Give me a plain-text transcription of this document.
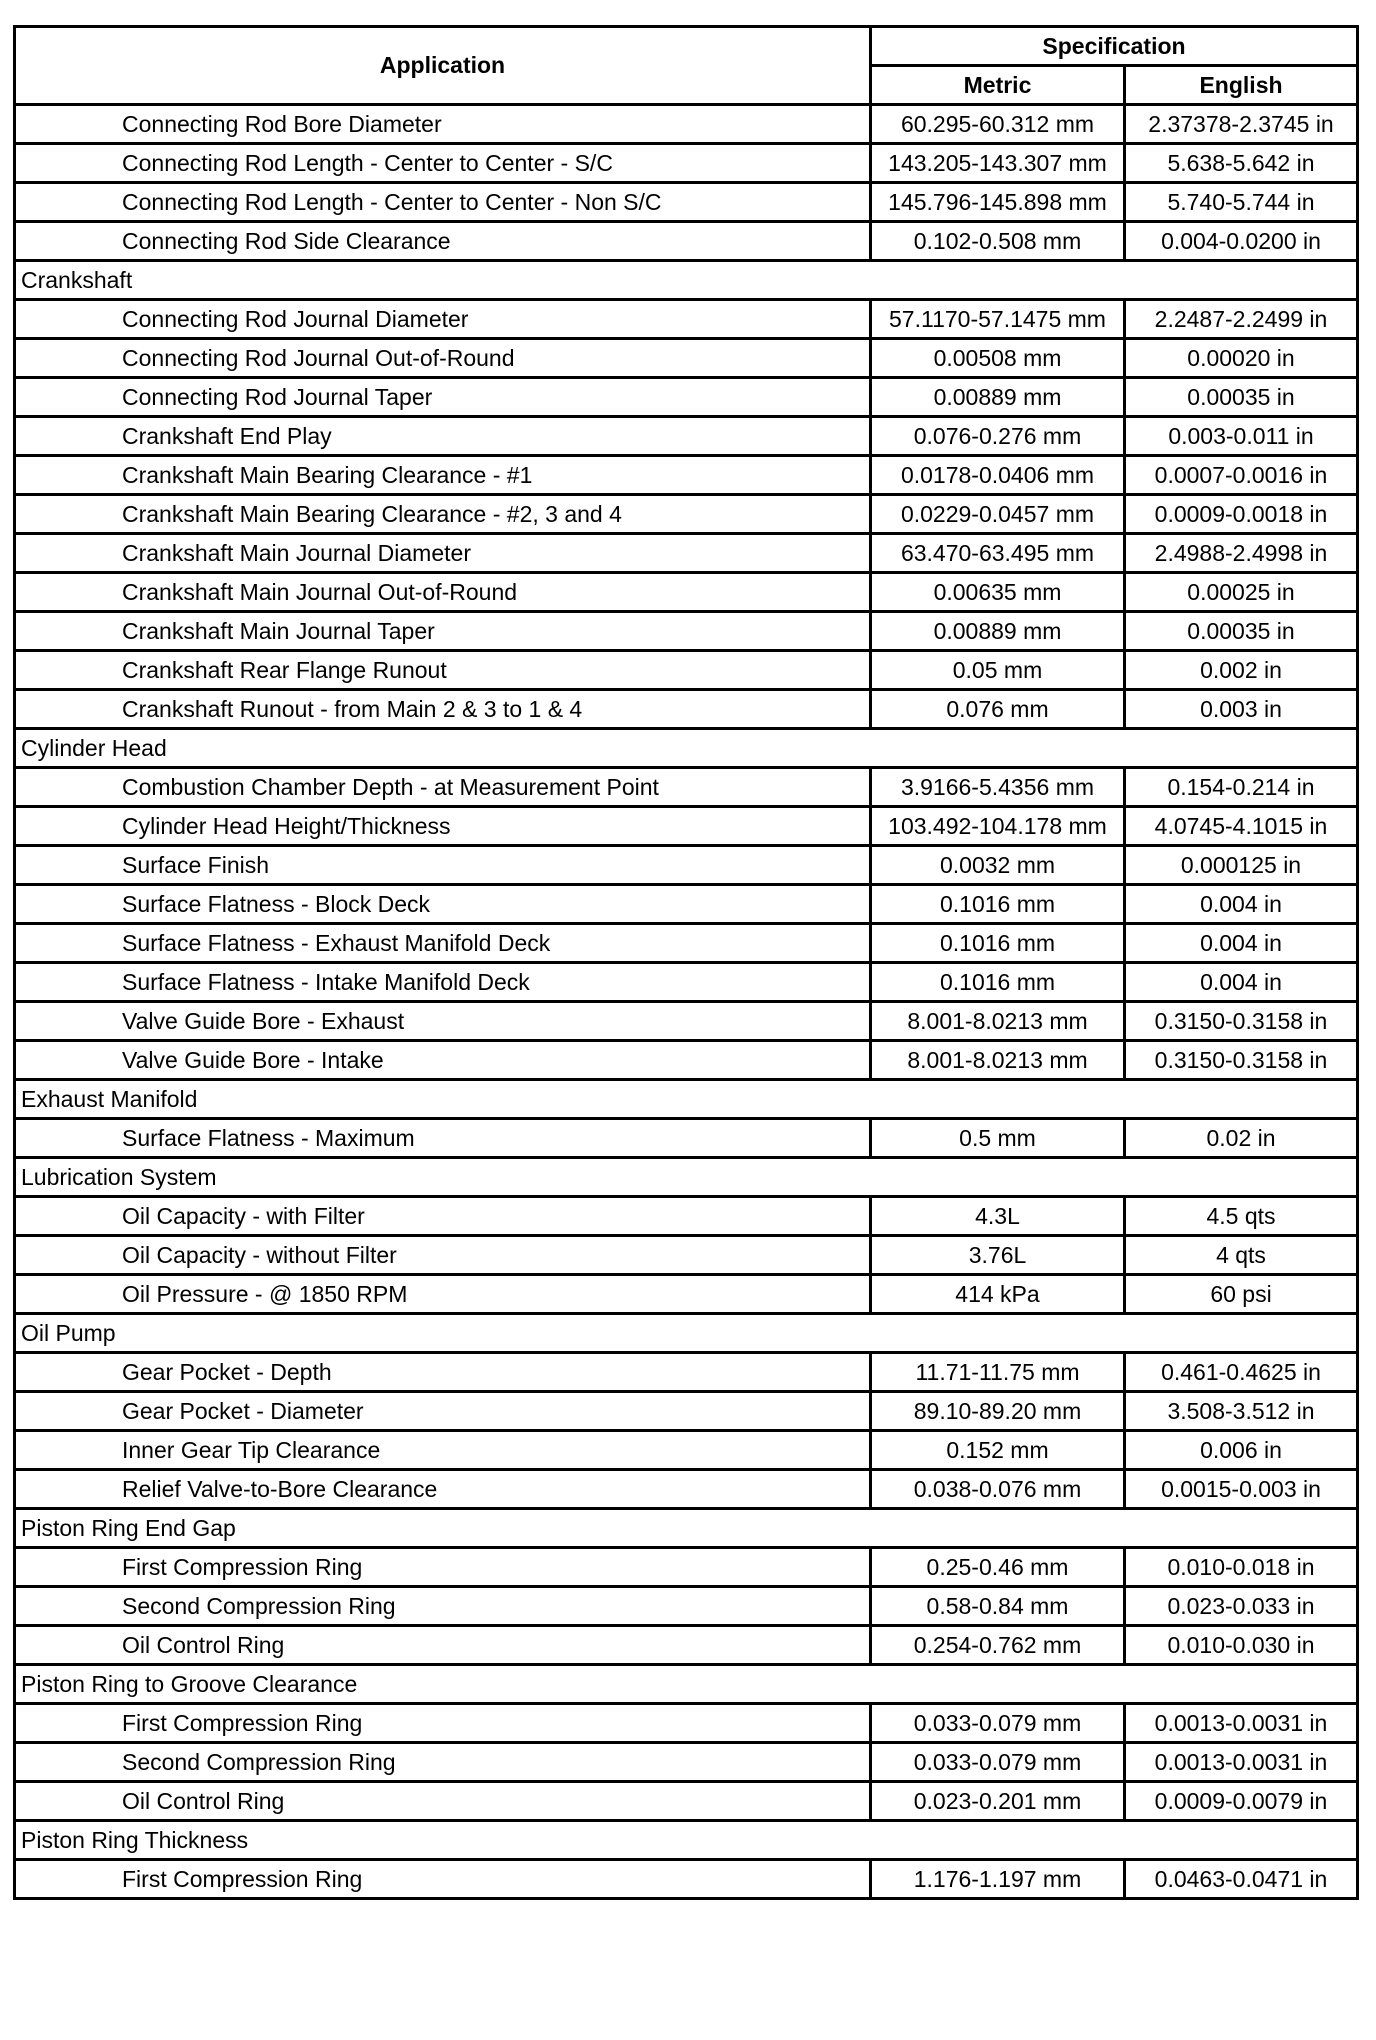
Application	Specification	
	Metric	English
Connecting Rod Bore Diameter	60.295-60.312 mm	2.37378-2.3745 in
Connecting Rod Length - Center to Center - S/C	143.205-143.307 mm	5.638-5.642 in
Connecting Rod Length - Center to Center - Non S/C	145.796-145.898 mm	5.740-5.744 in
Connecting Rod Side Clearance	0.102-0.508 mm	0.004-0.0200 in
Crankshaft		
Connecting Rod Journal Diameter	57.1170-57.1475 mm	2.2487-2.2499 in
Connecting Rod Journal Out-of-Round	0.00508 mm	0.00020 in
Connecting Rod Journal Taper	0.00889 mm	0.00035 in
Crankshaft End Play	0.076-0.276 mm	0.003-0.011 in
Crankshaft Main Bearing Clearance - #1	0.0178-0.0406 mm	0.0007-0.0016 in
Crankshaft Main Bearing Clearance - #2, 3 and 4	0.0229-0.0457 mm	0.0009-0.0018 in
Crankshaft Main Journal Diameter	63.470-63.495 mm	2.4988-2.4998 in
Crankshaft Main Journal Out-of-Round	0.00635 mm	0.00025 in
Crankshaft Main Journal Taper	0.00889 mm	0.00035 in
Crankshaft Rear Flange Runout	0.05 mm	0.002 in
Crankshaft Runout - from Main 2 & 3 to 1 & 4	0.076 mm	0.003 in
Cylinder Head		
Combustion Chamber Depth - at Measurement Point	3.9166-5.4356 mm	0.154-0.214 in
Cylinder Head Height/Thickness	103.492-104.178 mm	4.0745-4.1015 in
Surface Finish	0.0032 mm	0.000125 in
Surface Flatness - Block Deck	0.1016 mm	0.004 in
Surface Flatness - Exhaust Manifold Deck	0.1016 mm	0.004 in
Surface Flatness - Intake Manifold Deck	0.1016 mm	0.004 in
Valve Guide Bore - Exhaust	8.001-8.0213 mm	0.3150-0.3158 in
Valve Guide Bore - Intake	8.001-8.0213 mm	0.3150-0.3158 in
Exhaust Manifold		
Surface Flatness - Maximum	0.5 mm	0.02 in
Lubrication System		
Oil Capacity - with Filter	4.3L	4.5 qts
Oil Capacity - without Filter	3.76L	4 qts
Oil Pressure - @ 1850 RPM	414 kPa	60 psi
Oil Pump		
Gear Pocket - Depth	11.71-11.75 mm	0.461-0.4625 in
Gear Pocket - Diameter	89.10-89.20 mm	3.508-3.512 in
Inner Gear Tip Clearance	0.152 mm	0.006 in
Relief Valve-to-Bore Clearance	0.038-0.076 mm	0.0015-0.003 in
Piston Ring End Gap		
First Compression Ring	0.25-0.46 mm	0.010-0.018 in
Second Compression Ring	0.58-0.84 mm	0.023-0.033 in
Oil Control Ring	0.254-0.762 mm	0.010-0.030 in
Piston Ring to Groove Clearance		
First Compression Ring	0.033-0.079 mm	0.0013-0.0031 in
Second Compression Ring	0.033-0.079 mm	0.0013-0.0031 in
Oil Control Ring	0.023-0.201 mm	0.0009-0.0079 in
Piston Ring Thickness		
First Compression Ring	1.176-1.197 mm	0.0463-0.0471 in
